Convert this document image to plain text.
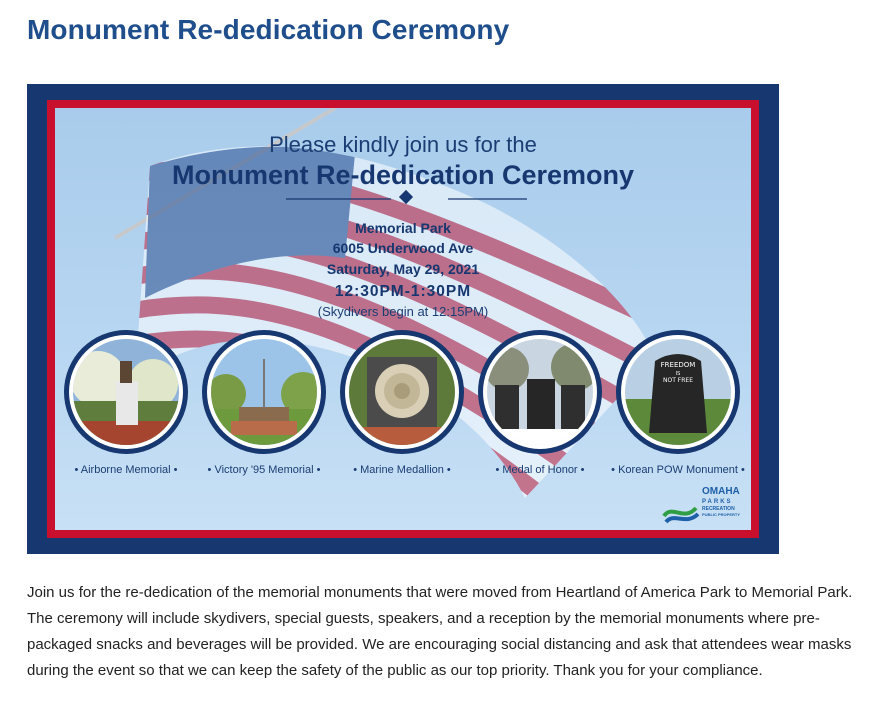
Monument Re-dedication Ceremony
Please kindly join us for the
Monument Re-dedication Ceremony
Memorial Park
6005 Underwood Ave
Saturday, May 29, 2021
12:30PM-1:30PM
(Skydivers begin at 12:15PM)
FREEDOM
IS
NOT FREE
• Airborne Memorial •	• Victory '95 Memorial •	• Marine Medallion •	• Medal of Honor •	• Korean POW Monument •
OMAHA
PARKS
RECREATION
PUBLIC PROPERTY

Join us for the re-dedication of the memorial monuments that were moved from Heartland of America Park to Memorial Park. The ceremony will include skydivers, special guests, speakers, and a reception by the memorial monuments where pre-packaged snacks and beverages will be provided. We are encouraging social distancing and ask that attendees wear masks during the event so that we can keep the safety of the public as our top priority. Thank you for your compliance.
